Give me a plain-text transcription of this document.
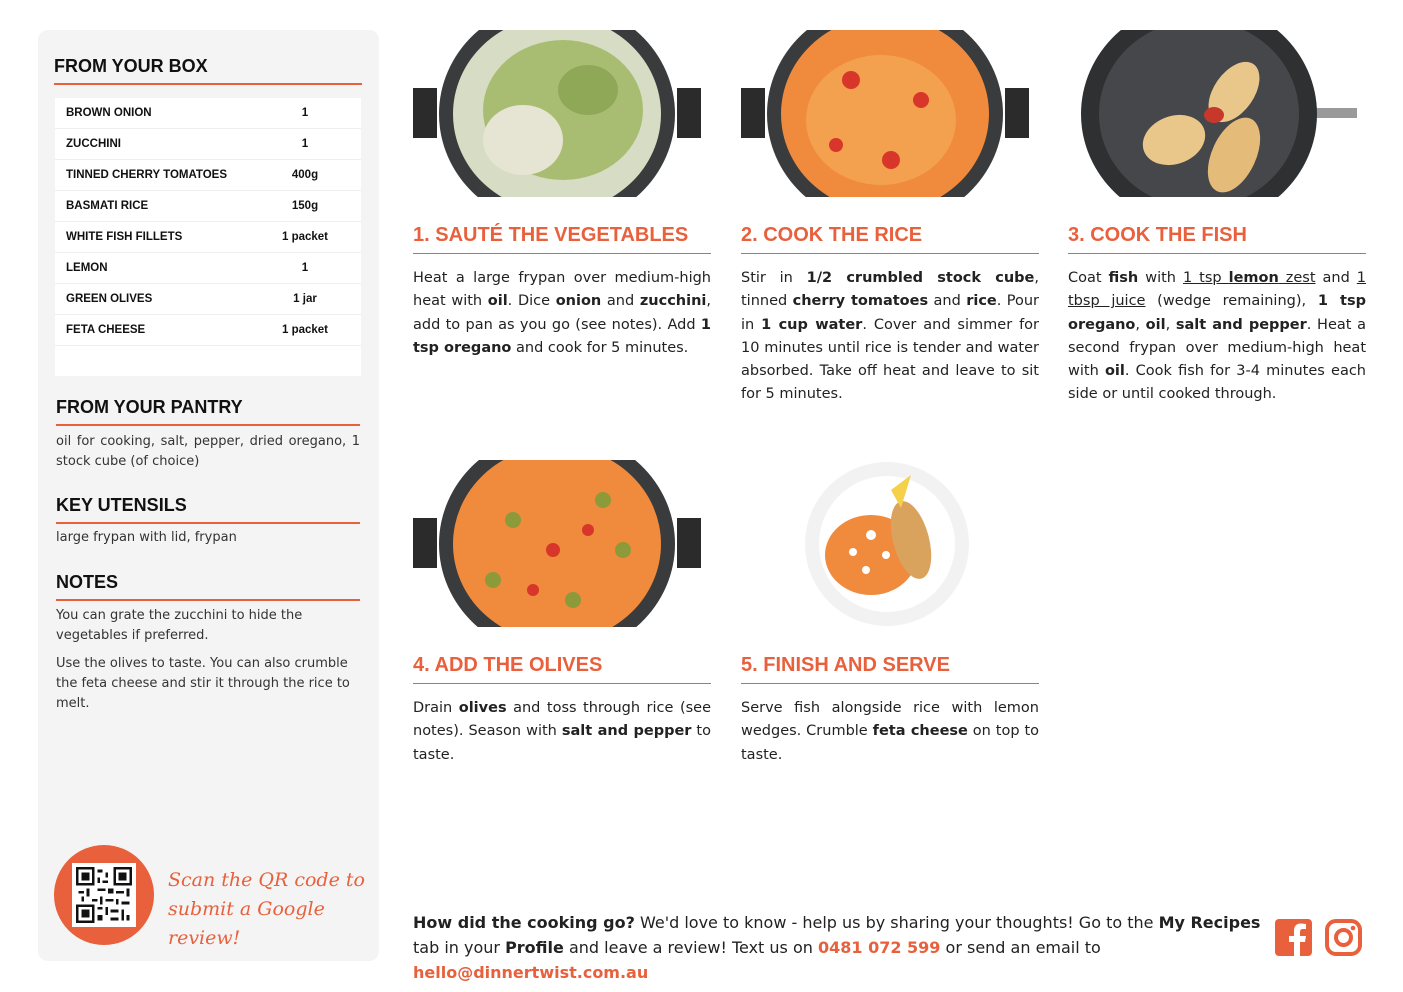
FROM YOUR BOX
BROWN ONION	1
ZUCCHINI	1
TINNED CHERRY TOMATOES	400g
BASMATI RICE	150g
WHITE FISH FILLETS	1 packet
LEMON	1
GREEN OLIVES	1 jar
FETA CHEESE	1 packet
FROM YOUR PANTRY
oil for cooking, salt, pepper, dried oregano, 1 stock cube (of choice)
KEY UTENSILS
large frypan with lid, frypan
NOTES

You can grate the zucchini to hide the vegetables if preferred.

Use the olives to taste. You can also crumble the feta cheese and stir it through the rice to melt.

Scan the QR code to
submit a Google review!
1. SAUTÉ THE VEGETABLES
Heat a large frypan over medium-high heat with oil. Dice onion and zucchini, add to pan as you go (see notes). Add 1 tsp oregano and cook for 5 minutes.
2. COOK THE RICE
Stir in 1/2 crumbled stock cube, tinned cherry tomatoes and rice. Pour in 1 cup water. Cover and simmer for 10 minutes until rice is tender and water absorbed. Take off heat and leave to sit for 5 minutes.
3. COOK THE FISH
Coat fish with 1 tsp lemon zest and 1 tbsp juice (wedge remaining), 1 tsp oregano, oil, salt and pepper. Heat a second frypan over medium-high heat with oil. Cook fish for 3-4 minutes each side or until cooked through.
4. ADD THE OLIVES
Drain olives and toss through rice (see notes). Season with salt and pepper to taste.
5. FINISH AND SERVE
Serve fish alongside rice with lemon wedges. Crumble feta cheese on top to taste.
How did the cooking go? We'd love to know - help us by sharing your thoughts! Go to the My Recipes tab in your Profile and leave a review! Text us on 0481 072 599 or send an email to hello@dinnertwist.com.au
